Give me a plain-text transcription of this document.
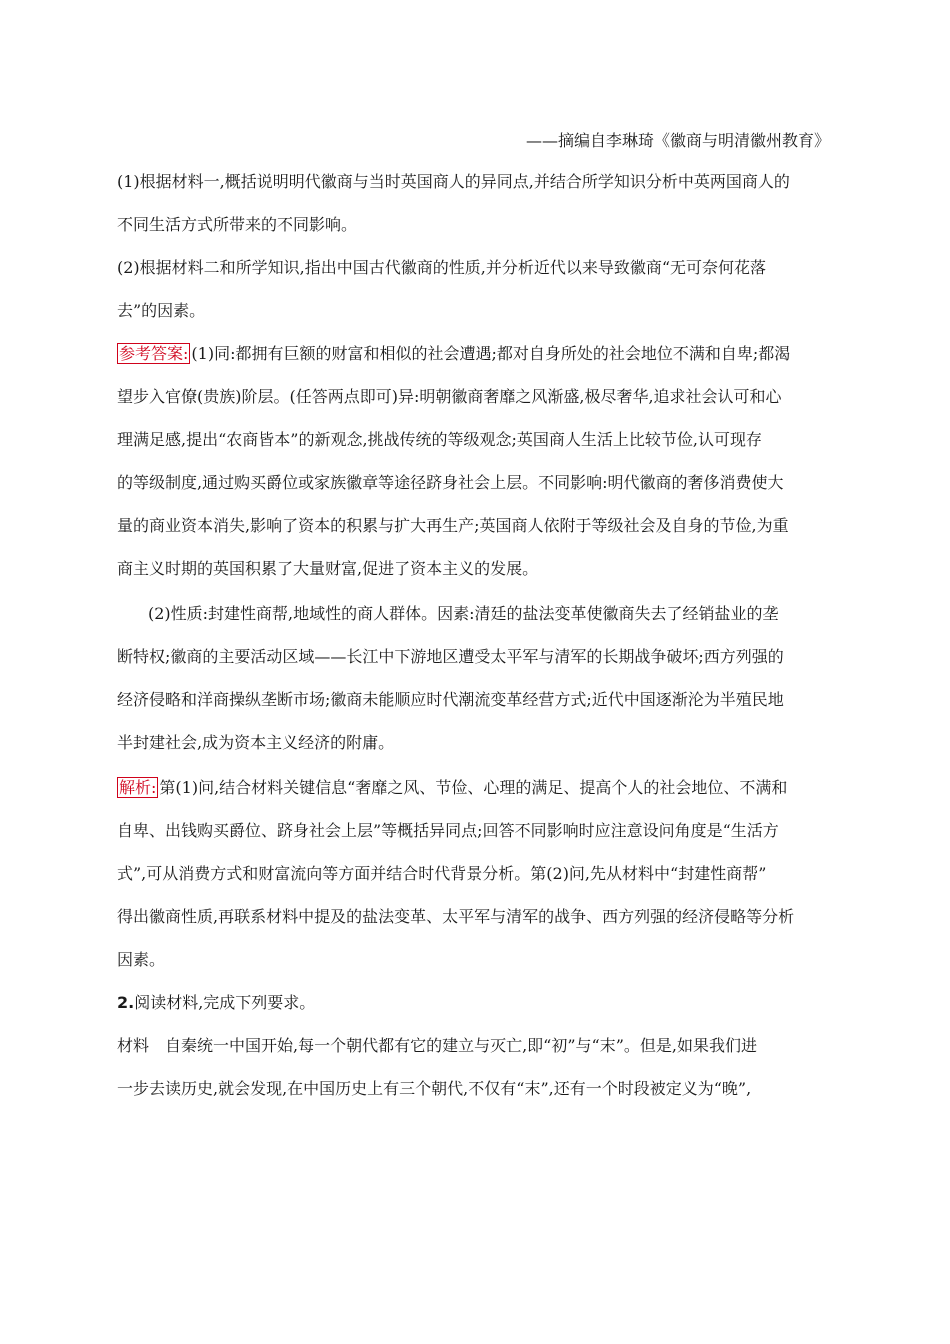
——摘编自李琳琦《徽商与明清徽州教育》
(1)根据材料一,概括说明明代徽商与当时英国商人的异同点,并结合所学知识分析中英两国商人的
不同生活方式所带来的不同影响。
(2)根据材料二和所学知识,指出中国古代徽商的性质,并分析近代以来导致徽商“无可奈何花落
去”的因素。
参考答案: (1)同:都拥有巨额的财富和相似的社会遭遇;都对自身所处的社会地位不满和自卑;都渴
望步入官僚(贵族)阶层。(任答两点即可)异:明朝徽商奢靡之风渐盛,极尽奢华,追求社会认可和心
理满足感,提出“农商皆本”的新观念,挑战传统的等级观念;英国商人生活上比较节俭,认可现存
的等级制度,通过购买爵位或家族徽章等途径跻身社会上层。不同影响:明代徽商的奢侈消费使大
量的商业资本消失,影响了资本的积累与扩大再生产;英国商人依附于等级社会及自身的节俭,为重
商主义时期的英国积累了大量财富,促进了资本主义的发展。
(2)性质:封建性商帮,地域性的商人群体。因素:清廷的盐法变革使徽商失去了经销盐业的垄
断特权;徽商的主要活动区域——长江中下游地区遭受太平军与清军的长期战争破坏;西方列强的
经济侵略和洋商操纵垄断市场;徽商未能顺应时代潮流变革经营方式;近代中国逐渐沦为半殖民地
半封建社会,成为资本主义经济的附庸。
解析: 第(1)问,结合材料关键信息“奢靡之风、节俭、心理的满足、提高个人的社会地位、不满和
自卑、出钱购买爵位、跻身社会上层”等概括异同点;回答不同影响时应注意设问角度是“生活方
式”,可从消费方式和财富流向等方面并结合时代背景分析。第(2)问,先从材料中“封建性商帮”
得出徽商性质,再联系材料中提及的盐法变革、太平军与清军的战争、西方列强的经济侵略等分析
因素。
2.阅读材料,完成下列要求。
材料　自秦统一中国开始,每一个朝代都有它的建立与灭亡,即“初”与“末”。但是,如果我们进
一步去读历史,就会发现,在中国历史上有三个朝代,不仅有“末”,还有一个时段被定义为“晚”,
